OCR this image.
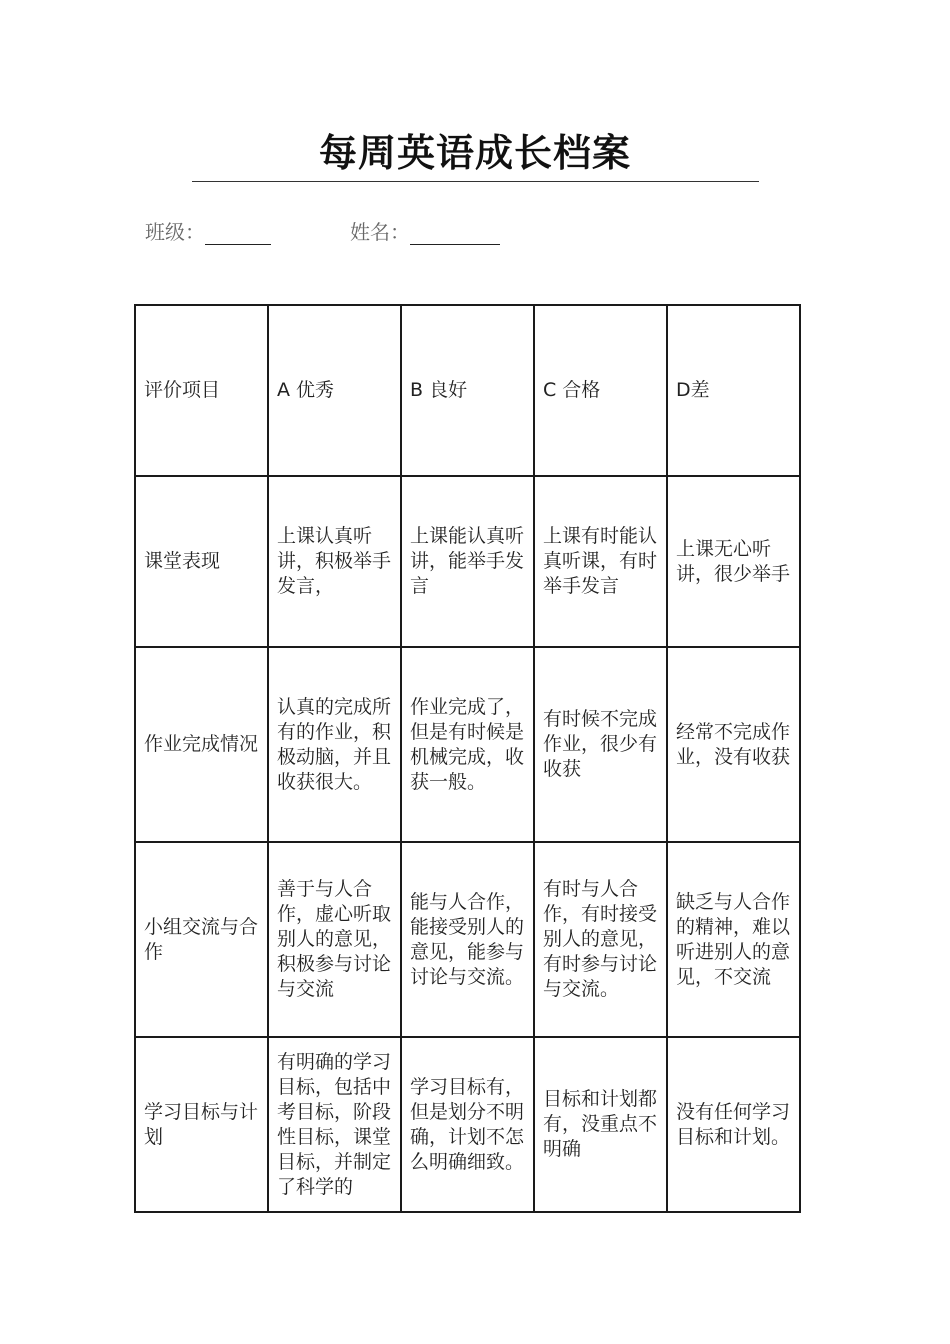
每周英语成长档案
班级：	姓名：
评价项目	A 优秀	B 良好	C 合格	D差
课堂表现	上课认真听讲，积极举手发言，	上课能认真听讲，能举手发言	上课有时能认真听课，有时举手发言	上课无心听讲，很少举手
作业完成情况	认真的完成所有的作业，积极动脑，并且收获很大。	作业完成了，但是有时候是机械完成，收获一般。	有时候不完成作业，很少有收获	经常不完成作业，没有收获
小组交流与合作	善于与人合作，虚心听取别人的意见，积极参与讨论与交流	能与人合作，能接受别人的意见，能参与讨论与交流。	有时与人合作，有时接受别人的意见，有时参与讨论与交流。	缺乏与人合作的精神，难以听进别人的意见，不交流
学习目标与计划	有明确的学习目标，包括中考目标，阶段性目标，课堂目标，并制定了科学的	学习目标有，但是划分不明确，计划不怎么明确细致。	目标和计划都有，没重点不明确	没有任何学习目标和计划。
